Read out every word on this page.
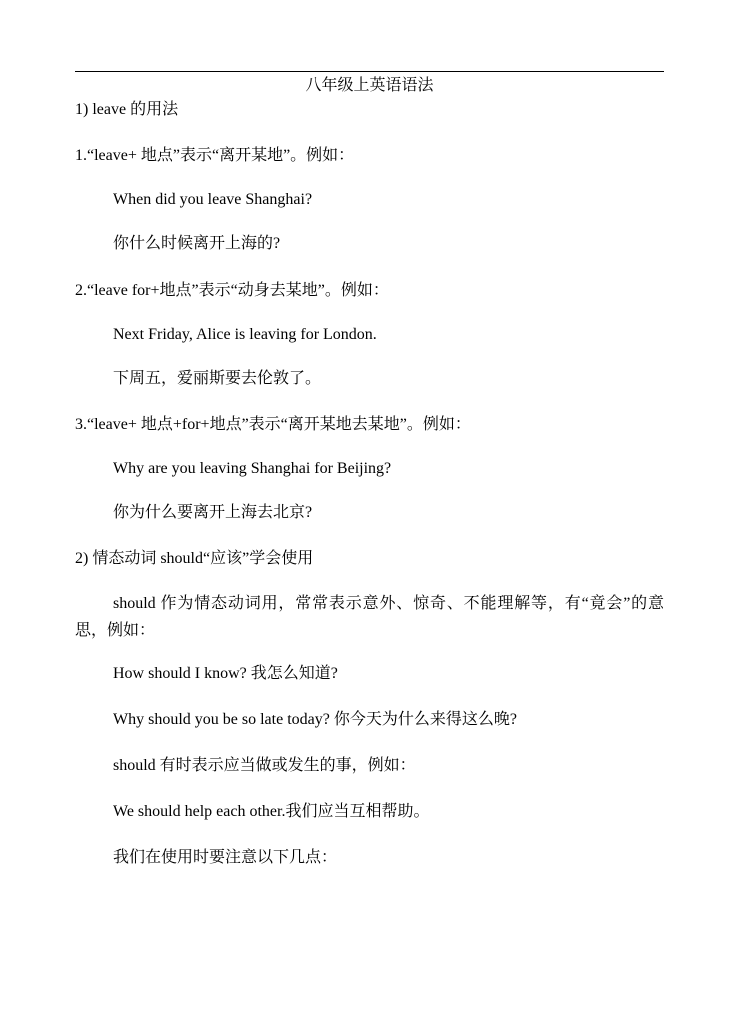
八年级上英语语法
1) leave 的用法
1.“leave+ 地点”表示“离开某地”。例如：
When did you leave Shanghai?
你什么时候离开上海的?
2.“leave for+地点”表示“动身去某地”。例如：
Next Friday, Alice is leaving for London.
下周五，爱丽斯要去伦敦了。
3.“leave+ 地点+for+地点”表示“离开某地去某地”。例如：
Why are you leaving Shanghai for Beijing?
你为什么要离开上海去北京?
2) 情态动词 should“应该”学会使用
should 作为情态动词用，常常表示意外、惊奇、不能理解等，有“竟会”的意思，例如：
How should I know? 我怎么知道?
Why should you be so late today? 你今天为什么来得这么晚?
should 有时表示应当做或发生的事，例如：
We should help each other.我们应当互相帮助。
我们在使用时要注意以下几点：
